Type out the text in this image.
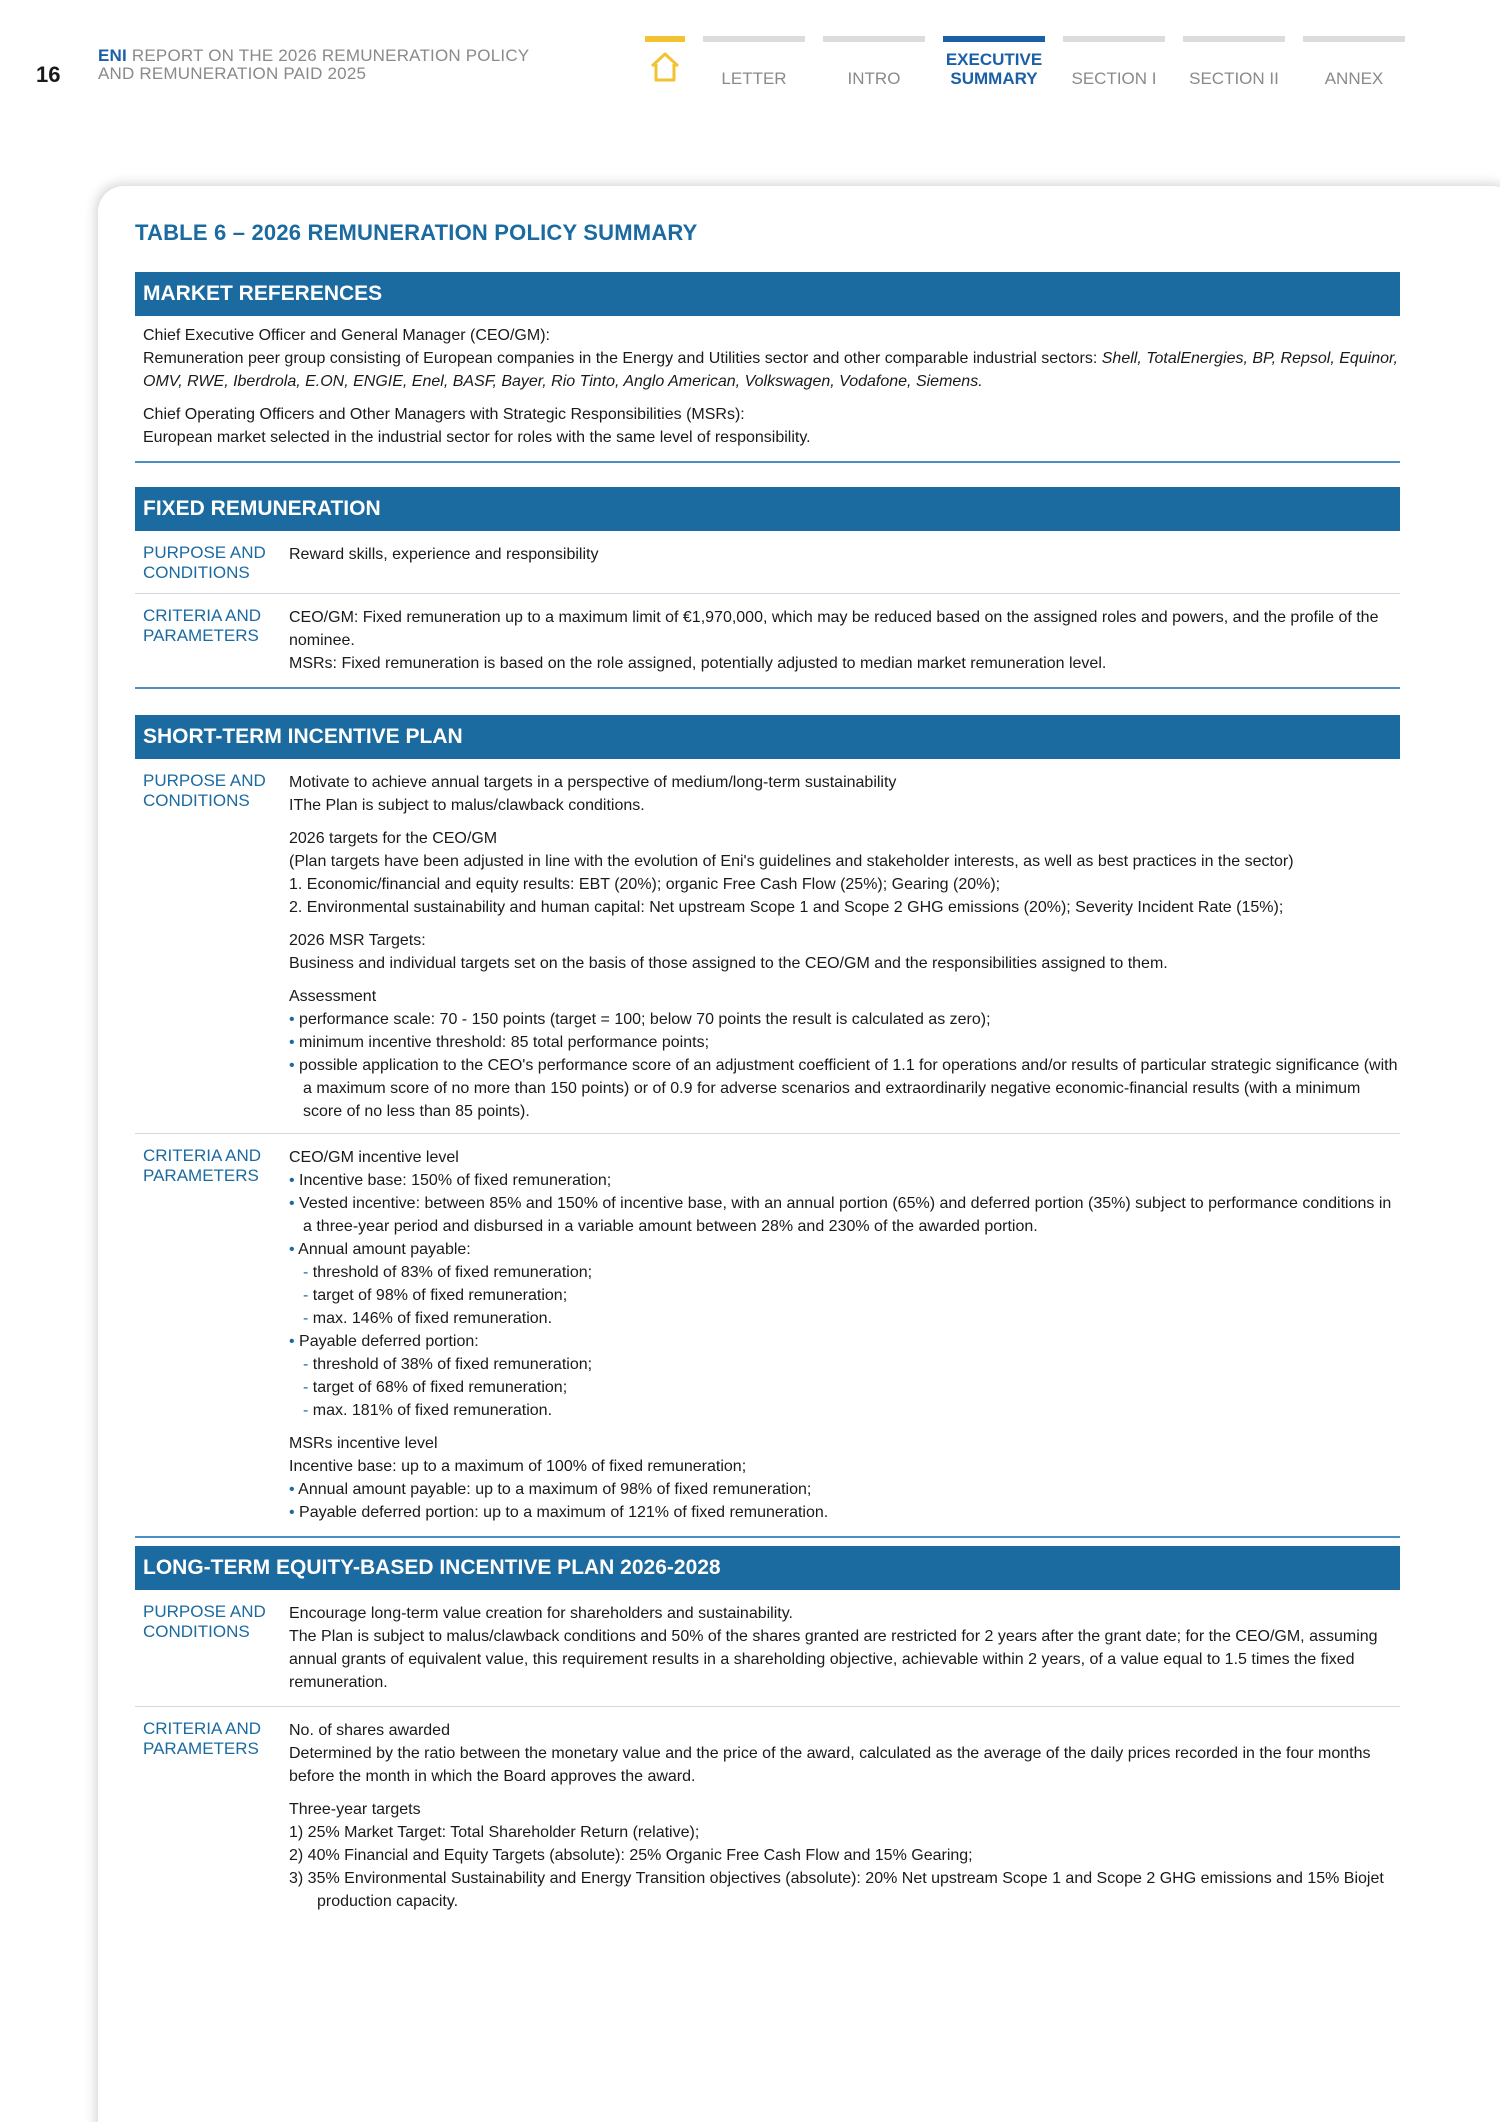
16
ENI REPORT ON THE 2026 REMUNERATION POLICY
AND REMUNERATION PAID 2025	LETTER	INTRO
EXECUTIVE
SUMMARY	SECTION I	SECTION II	ANNEX
TABLE 6 – 2026 REMUNERATION POLICY SUMMARY
MARKET REFERENCES

Chief Executive Officer and General Manager (CEO/GM):

Remuneration peer group consisting of European companies in the Energy and Utilities sector and other comparable industrial sectors: Shell, TotalEnergies, BP, Repsol, Equinor, OMV, RWE, Iberdrola, E.ON, ENGIE, Enel, BASF, Bayer, Rio Tinto, Anglo American, Volkswagen, Vodafone, Siemens.

Chief Operating Officers and Other Managers with Strategic Responsibilities (MSRs):

European market selected in the industrial sector for roles with the same level of responsibility.

FIXED REMUNERATION
PURPOSE AND CONDITIONS
Reward skills, experience and responsibility
CRITERIA AND PARAMETERS

CEO/GM: Fixed remuneration up to a maximum limit of €1,970,000, which may be reduced based on the assigned roles and powers, and the profile of the nominee.

MSRs: Fixed remuneration is based on the role assigned, potentially adjusted to median market remuneration level.

SHORT-TERM INCENTIVE PLAN
PURPOSE AND CONDITIONS

Motivate to achieve annual targets in a perspective of medium/long-term sustainability

IThe Plan is subject to malus/clawback conditions.

2026 targets for the CEO/GM

(Plan targets have been adjusted in line with the evolution of Eni's guidelines and stakeholder interests, as well as best practices in the sector)

1. Economic/financial and equity results: EBT (20%); organic Free Cash Flow (25%); Gearing (20%);

2. Environmental sustainability and human capital: Net upstream Scope 1 and Scope 2 GHG emissions (20%); Severity Incident Rate (15%);

2026 MSR Targets:

Business and individual targets set on the basis of those assigned to the CEO/GM and the responsibilities assigned to them.

Assessment

• performance scale: 70 - 150 points (target = 100; below 70 points the result is calculated as zero);

• minimum incentive threshold: 85 total performance points;

• possible application to the CEO's performance score of an adjustment coefficient of 1.1 for operations and/or results of particular strategic significance (with a maximum score of no more than 150 points) or of 0.9 for adverse scenarios and extraordinarily negative economic-financial results (with a minimum score of no less than 85 points).

CRITERIA AND PARAMETERS

CEO/GM incentive level

• Incentive base: 150% of fixed remuneration;

• Vested incentive: between 85% and 150% of incentive base, with an annual portion (65%) and deferred portion (35%) subject to performance conditions in a three-year period and disbursed in a variable amount between 28% and 230% of the awarded portion.

• Annual amount payable:

- threshold of 83% of fixed remuneration;

- target of 98% of fixed remuneration;

- max. 146% of fixed remuneration.

• Payable deferred portion:

- threshold of 38% of fixed remuneration;

- target of 68% of fixed remuneration;

- max. 181% of fixed remuneration.

MSRs incentive level

Incentive base: up to a maximum of 100% of fixed remuneration;

• Annual amount payable: up to a maximum of 98% of fixed remuneration;

• Payable deferred portion: up to a maximum of 121% of fixed remuneration.

LONG-TERM EQUITY-BASED INCENTIVE PLAN 2026-2028
PURPOSE AND CONDITIONS

Encourage long-term value creation for shareholders and sustainability.

The Plan is subject to malus/clawback conditions and 50% of the shares granted are restricted for 2 years after the grant date; for the CEO/GM, assuming annual grants of equivalent value, this requirement results in a shareholding objective, achievable within 2 years, of a value equal to 1.5 times the fixed remuneration.

CRITERIA AND PARAMETERS

No. of shares awarded

Determined by the ratio between the monetary value and the price of the award, calculated as the average of the daily prices recorded in the four months before the month in which the Board approves the award.

Three-year targets

1) 25% Market Target: Total Shareholder Return (relative);

2) 40% Financial and Equity Targets (absolute): 25% Organic Free Cash Flow and 15% Gearing;

3) 35% Environmental Sustainability and Energy Transition objectives (absolute): 20% Net upstream Scope 1 and Scope 2 GHG emissions and 15% Biojet production capacity.
